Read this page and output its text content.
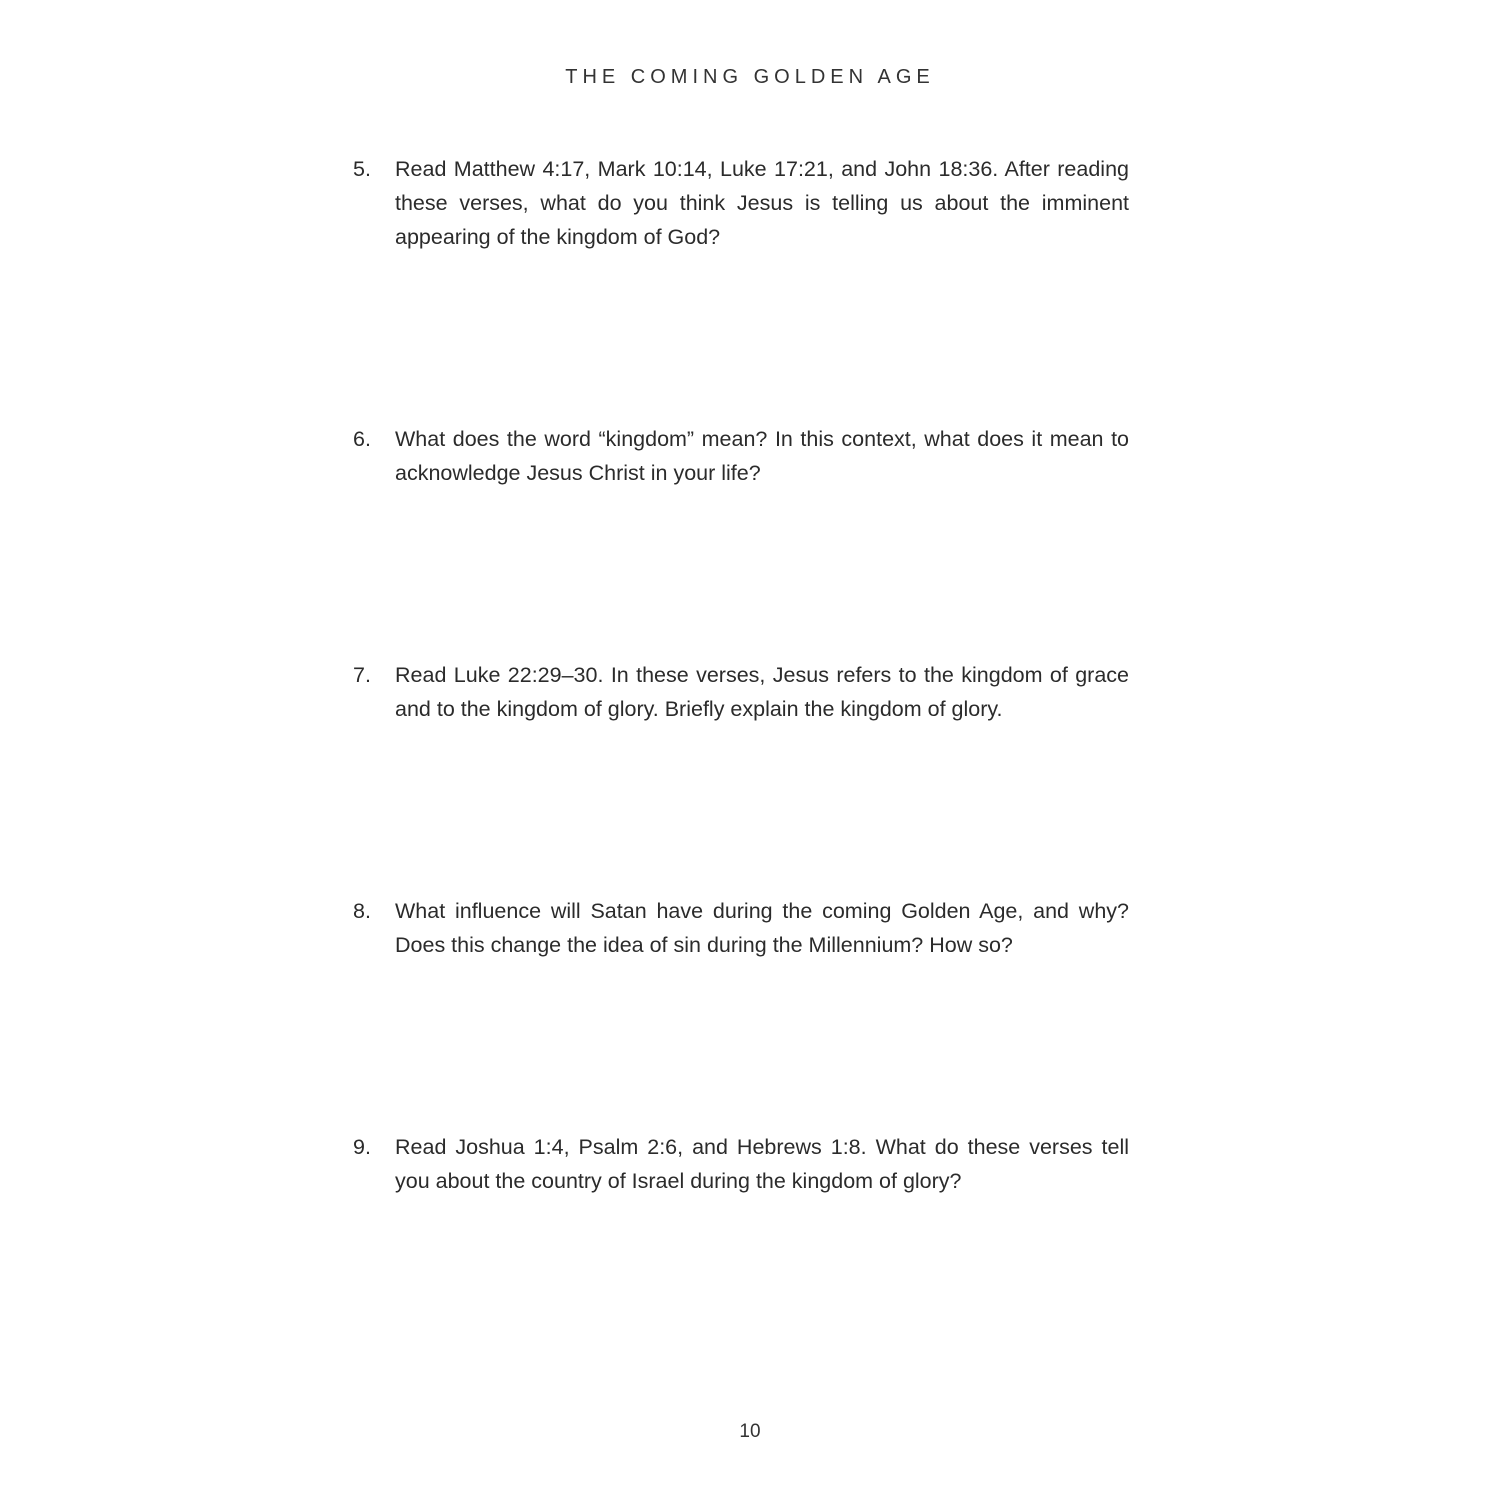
THE COMING GOLDEN AGE
5.	Read Matthew 4:17, Mark 10:14, Luke 17:21, and John 18:36. After reading these verses, what do you think Jesus is telling us about the imminent appearing of the kingdom of God?
6.	What does the word “kingdom” mean? In this context, what does it mean to acknowledge Jesus Christ in your life?
7.	Read Luke 22:29–30. In these verses, Jesus refers to the kingdom of grace and to the kingdom of glory. Briefly explain the kingdom of glory.
8.	What influence will Satan have during the coming Golden Age, and why? Does this change the idea of sin during the Millennium? How so?
9.	Read Joshua 1:4, Psalm 2:6, and Hebrews 1:8. What do these verses tell you about the country of Israel during the kingdom of glory?
10
